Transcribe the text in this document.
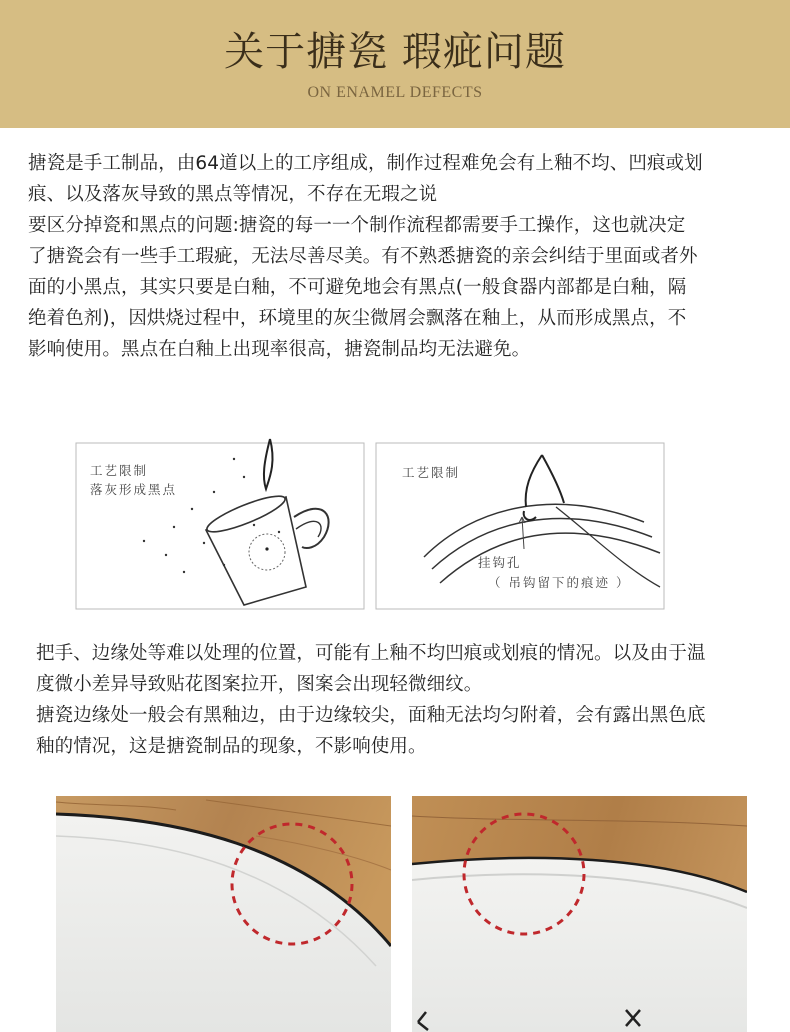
关于搪瓷 瑕疵问题
ON ENAMEL DEFECTS
搪瓷是手工制品，由64道以上的工序组成，制作过程难免会有上釉不均、凹痕或划
痕、以及落灰导致的黑点等情况，不存在无瑕之说
要区分掉瓷和黑点的问题:搪瓷的每一一个制作流程都需要手工操作，这也就决定
了搪瓷会有一些手工瑕疵，无法尽善尽美。有不熟悉搪瓷的亲会纠结于里面或者外
面的小黑点，其实只要是白釉，不可避免地会有黑点(一般食器内部都是白釉，隔
绝着色剂)，因烘烧过程中，环境里的灰尘微屑会飘落在釉上，从而形成黑点，不
影响使用。黑点在白釉上出现率很高，搪瓷制品均无法避免。
工艺限制
落灰形成黑点
工艺限制
挂钩孔
（ 吊钩留下的痕迹 ）
把手、边缘处等难以处理的位置，可能有上釉不均凹痕或划痕的情况。以及由于温
度微小差异导致贴花图案拉开，图案会出现轻微细纹。
搪瓷边缘处一般会有黑釉边，由于边缘较尖，面釉无法均匀附着，会有露出黑色底
釉的情况，这是搪瓷制品的现象，不影响使用。
